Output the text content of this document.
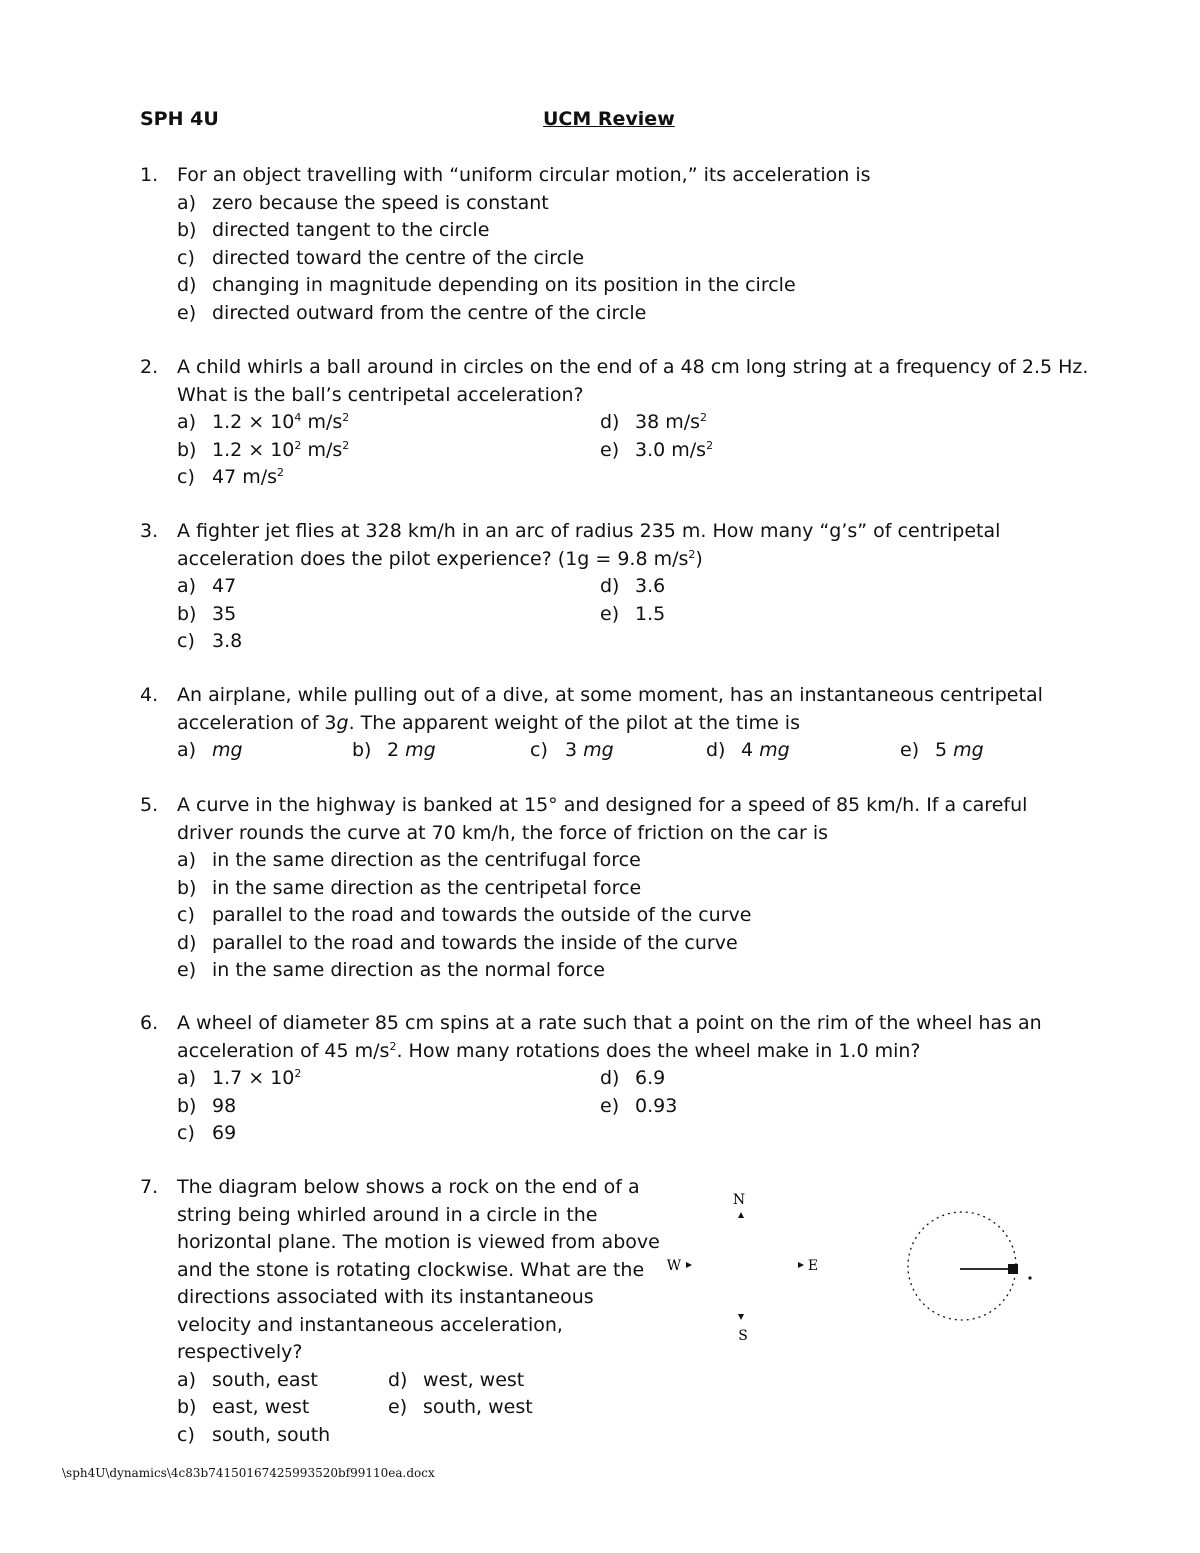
SPH 4U	UCM Review
1. For an object travelling with “uniform circular motion,” its acceleration is
a) zero because the speed is constant
b) directed tangent to the circle
c) directed toward the centre of the circle
d) changing in magnitude depending on its position in the circle
e) directed outward from the centre of the circle
2. A child whirls a ball around in circles on the end of a 48 cm long string at a frequency of 2.5 Hz.
What is the ball’s centripetal acceleration?
a) $1.2 \times 10^4$ $m/s^2$	d) 38 $m/s^2$
b) $1.2 \times 10^2$ $m/s^2$	e) 3.0 $m/s^2$
c) 47 $m/s^2$
3. A fighter jet flies at 328 km/h in an arc of radius 235 m. How many “g’s” of centripetal
acceleration does the pilot experience? (1g = 9.8 $m/s^2$)
a) 47	d) 3.6
b) 35	e) 1.5
c) 3.8
4. An airplane, while pulling out of a dive, at some moment, has an instantaneous centripetal
acceleration of 3g. The apparent weight of the pilot at the time is
a) mg	b) 2 mg	c) 3 mg	d) 4 mg	e) 5 mg
5. A curve in the highway is banked at 15° and designed for a speed of 85 km/h. If a careful
driver rounds the curve at 70 km/h, the force of friction on the car is
a) in the same direction as the centrifugal force
b) in the same direction as the centripetal force
c) parallel to the road and towards the outside of the curve
d) parallel to the road and towards the inside of the curve
e) in the same direction as the normal force
6. A wheel of diameter 85 cm spins at a rate such that a point on the rim of the wheel has an
acceleration of 45 $m/s^2$. How many rotations does the wheel make in 1.0 min?
a) $1.7 \times 10^2$	d) 6.9
b) 98	e) 0.93
c) 69
7. The diagram below shows a rock on the end of a
string being whirled around in a circle in the
horizontal plane. The motion is viewed from above
and the stone is rotating clockwise. What are the
directions associated with its instantaneous
velocity and instantaneous acceleration,
respectively?
a) south, east	d) west, west
b) east, west	e) south, west
c) south, south
N
S
W	E
\sph4U\dynamics\4c83b74150167425993520bf99110ea.docx
